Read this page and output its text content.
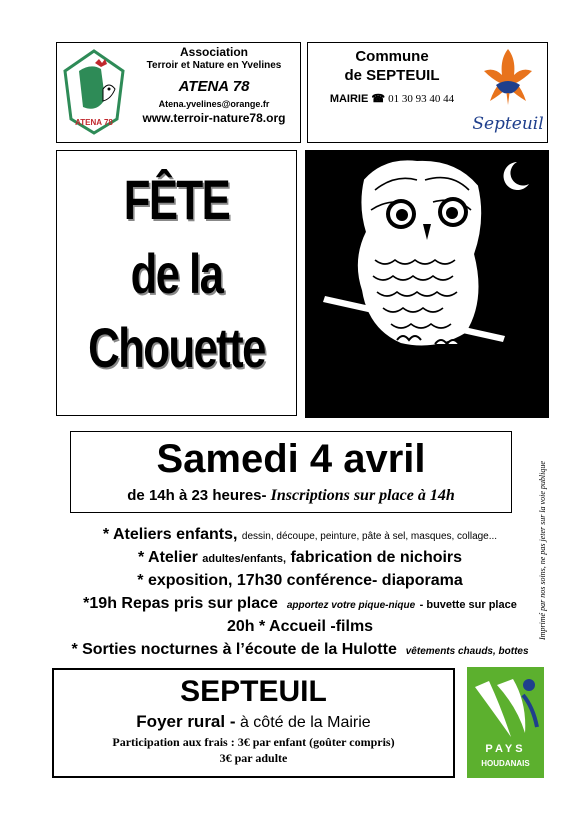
ATENA 78
Association
Terroir et Nature en Yvelines
ATENA 78
Atena.yvelines@orange.fr
www.terroir-nature78.org
Commune
de SEPTEUIL
MAIRIE ☎ 01 30 93 40 44
Septeuil
FÊTE
de la
Chouette
Samedi 4 avril
de 14h à 23 heures- Inscriptions sur place à 14h
* Ateliers enfants, dessin, découpe, peinture, pâte à sel, masques, collage...
* Atelier adultes/enfants, fabrication de nichoirs
* exposition, 17h30 conférence- diaporama
*19h Repas pris sur place apportez votre pique-nique - buvette sur place
20h * Accueil -films
* Sorties nocturnes à l’écoute de la Hulotte vêtements chauds, bottes
Imprimé par nos soins, ne pas jeter sur la voie publique
SEPTEUIL
Foyer rural - à côté de la Mairie
Participation aux frais : 3€ par enfant (goûter compris)
3€ par adulte
PAYS
HOUDANAIS
